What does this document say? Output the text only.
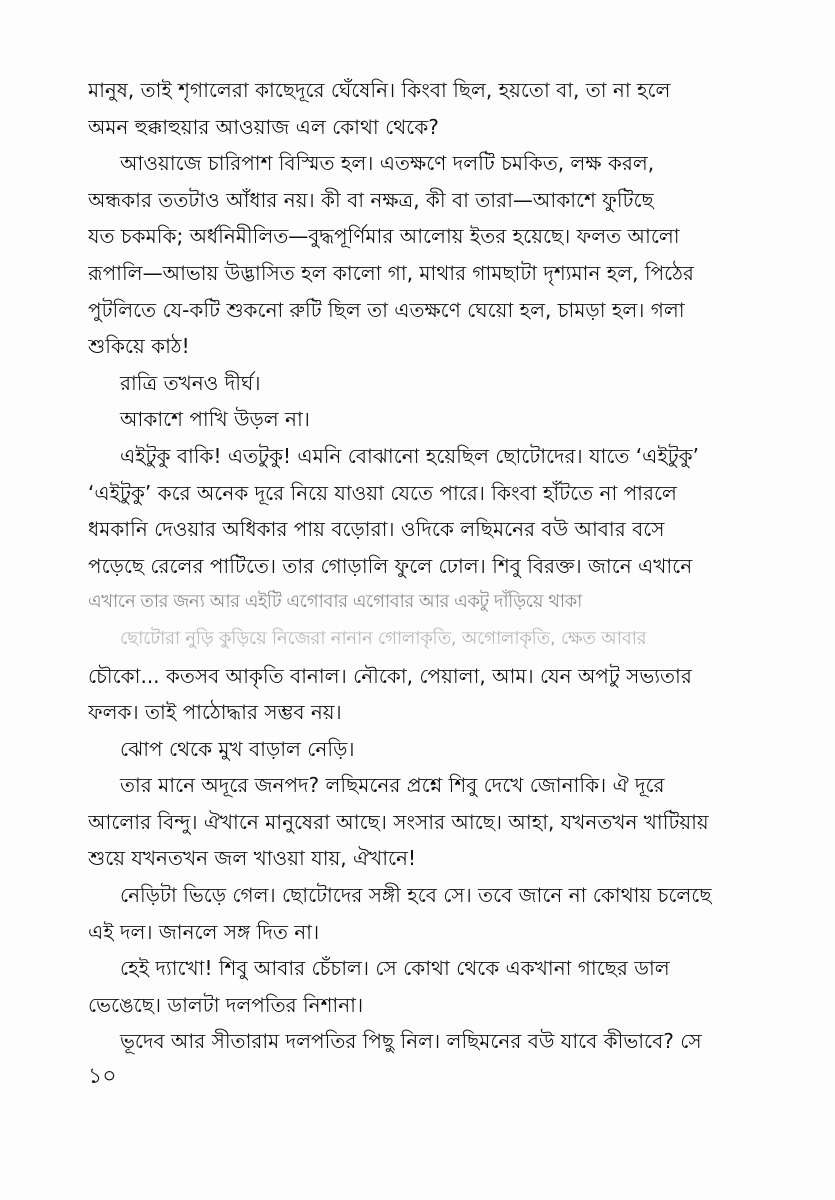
মানুষ, তাই শৃগালেরা কাছেদূরে ঘেঁষেনি। কিংবা ছিল, হয়তো বা, তা না হলে
অমন হুক্কাহুয়ার আওয়াজ এল কোথা থেকে?
আওয়াজে চারিপাশ বিস্মিত হল। এতক্ষণে দলটি চমকিত, লক্ষ করল,
অন্ধকার ততটাও আঁধার নয়। কী বা নক্ষত্র, কী বা তারা—আকাশে ফুটিছে
যত চকমকি; অর্ধনিমীলিত—বুদ্ধপূর্ণিমার আলোয় ইতর হয়েছে। ফলত আলো
রূপালি—আভায় উদ্ভাসিত হল কালো গা, মাথার গামছাটা দৃশ্যমান হল, পিঠের
পুটলিতে যে-কটি শুকনো রুটি ছিল তা এতক্ষণে ঘেয়ো হল, চামড়া হল। গলা
শুকিয়ে কাঠ!
রাত্রি তখনও দীর্ঘ।
আকাশে পাখি উড়ল না।
এইটুকু বাকি! এতটুকু! এমনি বোঝানো হয়েছিল ছোটোদের। যাতে ‘এইটুকু’
‘এইটুকু’ করে অনেক দূরে নিয়ে যাওয়া যেতে পারে। কিংবা হাঁটতে না পারলে
ধমকানি দেওয়ার অধিকার পায় বড়োরা। ওদিকে লছিমনের বউ আবার বসে
পড়েছে রেলের পাটিতে। তার গোড়ালি ফুলে ঢোল। শিবু বিরক্ত। জানে এখানে
এখানে তার জন্য আর এইটি এগোবার এগোবার আর একটু দাঁড়িয়ে থাকা
ছোটোরা নুড়ি কুড়িয়ে নিজেরা নানান গোলাকৃতি, অগোলাকৃতি, ক্ষেত আবার
চৌকো... কতসব আকৃতি বানাল। নৌকো, পেয়ালা, আম। যেন অপটু সভ্যতার
ফলক। তাই পাঠোদ্ধার সম্ভব নয়।
ঝোপ থেকে মুখ বাড়াল নেড়ি।
তার মানে অদূরে জনপদ? লছিমনের প্রশ্নে শিবু দেখে জোনাকি। ঐ দূরে
আলোর বিন্দু। ঐখানে মানুষেরা আছে। সংসার আছে। আহা, যখনতখন খাটিয়ায়
শুয়ে যখনতখন জল খাওয়া যায়, ঐখানে!
নেড়িটা ভিড়ে গেল। ছোটোদের সঙ্গী হবে সে। তবে জানে না কোথায় চলেছে
এই দল। জানলে সঙ্গ দিত না।
হেই দ্যাখো! শিবু আবার চেঁচাল। সে কোথা থেকে একখানা গাছের ডাল
ভেঙেছে। ডালটা দলপতির নিশানা।
ভূদেব আর সীতারাম দলপতির পিছু নিল। লছিমনের বউ যাবে কীভাবে? সে
১০
